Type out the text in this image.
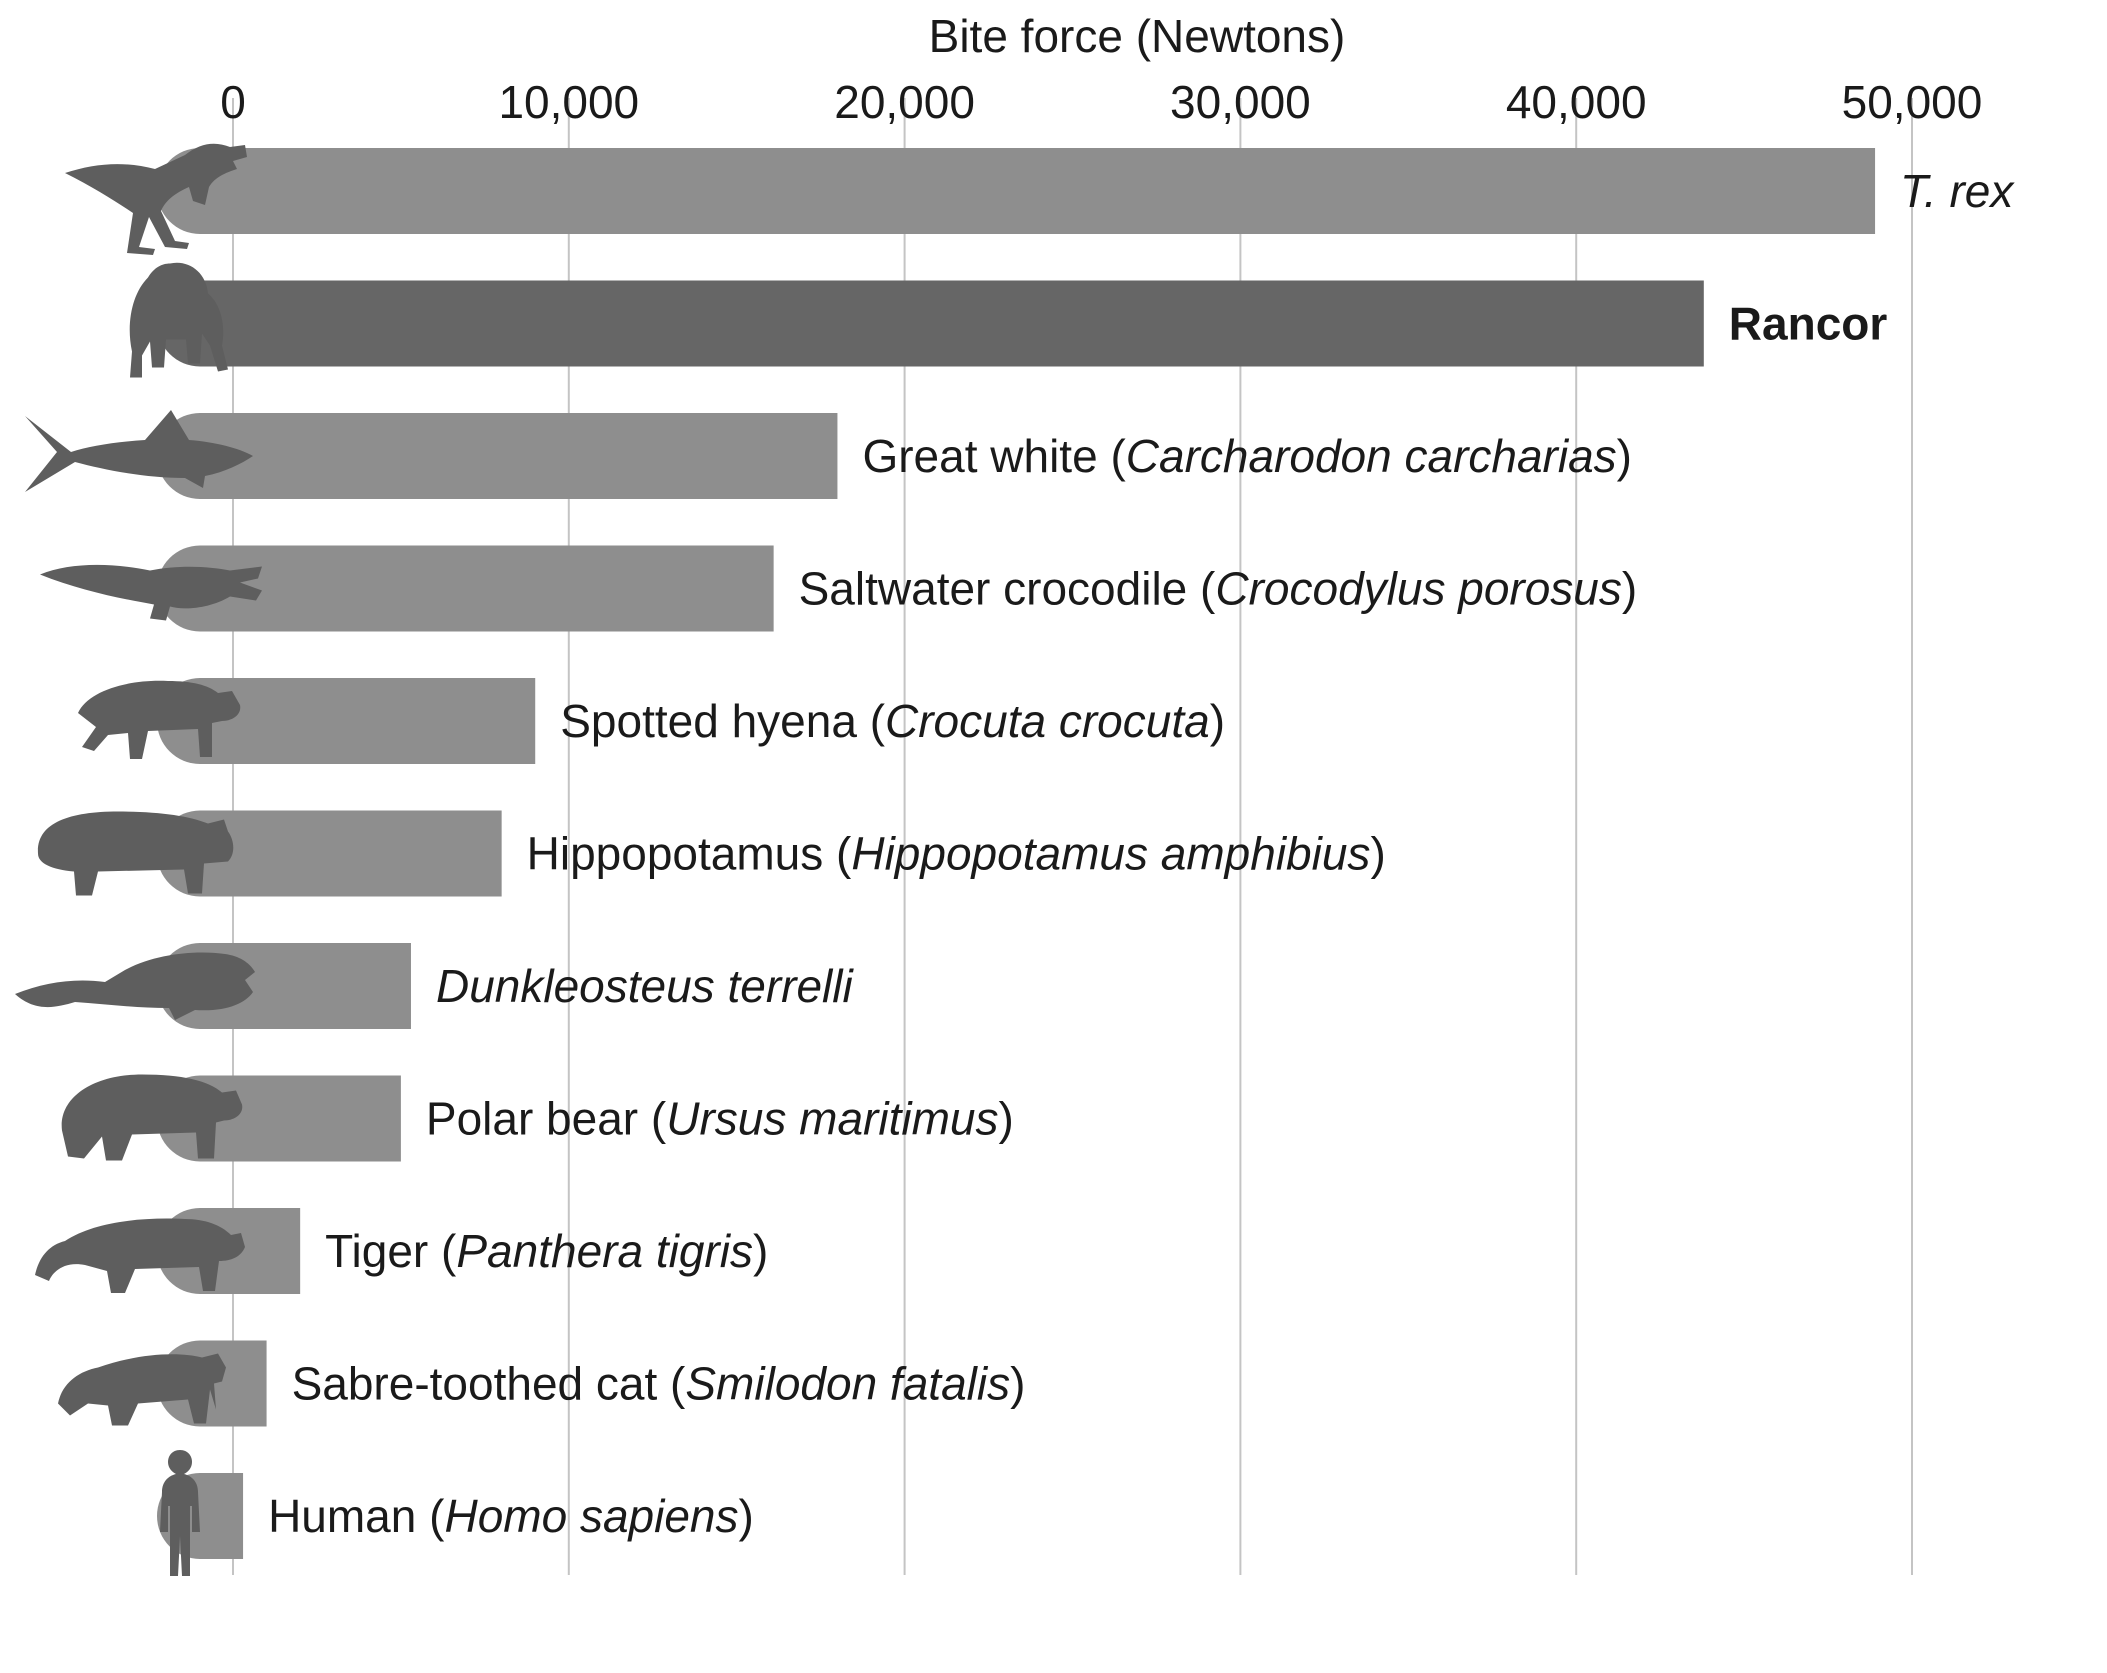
T. rex
Rancor
Great white (Carcharodon carcharias)
Saltwater crocodile (Crocodylus porosus)
Spotted hyena (Crocuta crocuta)
Hippopotamus (Hippopotamus amphibius)
Dunkleosteus terrelli
Polar bear (Ursus maritimus)
Tiger (Panthera tigris)
Sabre-toothed cat (Smilodon fatalis)
Human (Homo sapiens)
0	10,000	20,000	30,000	40,000	50,000
Bite force (Newtons)
